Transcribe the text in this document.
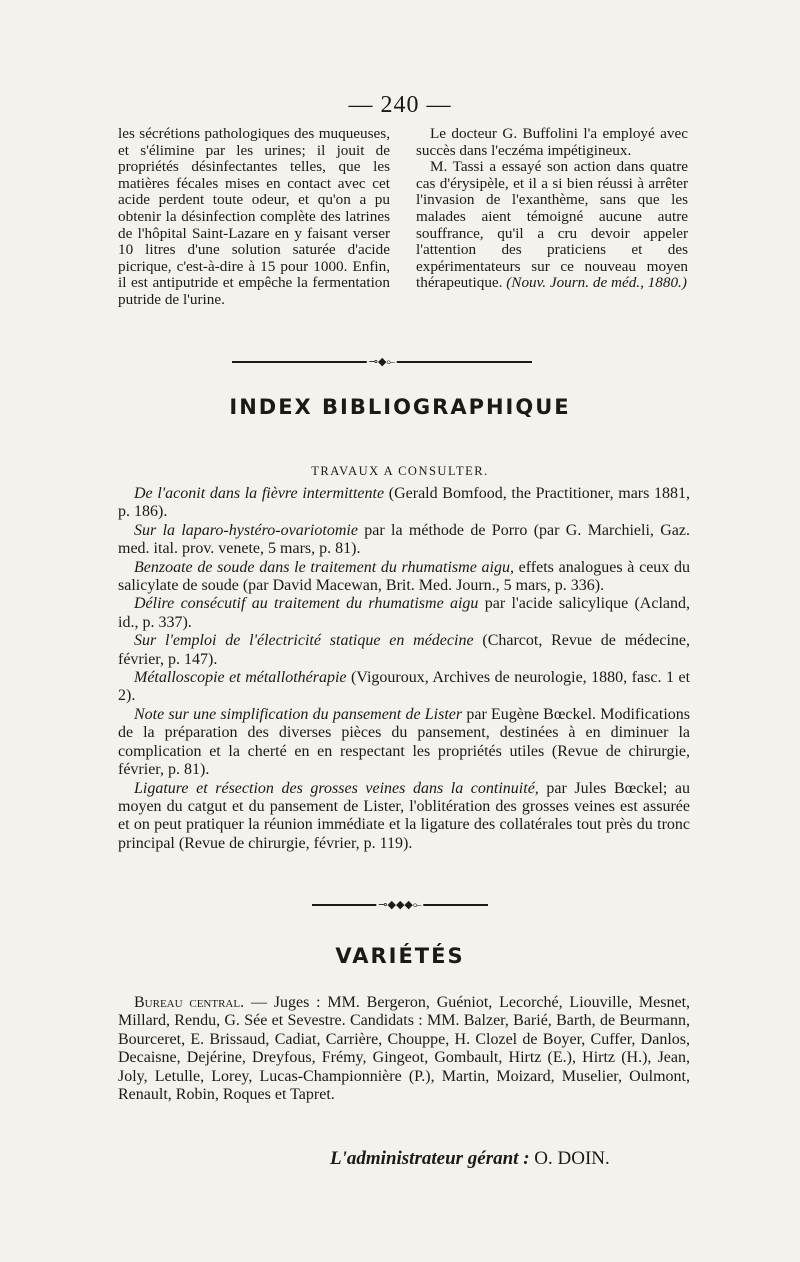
— 240 —

les sécrétions pathologiques des muqueuses, et s'élimine par les urines; il jouit de propriétés désinfectantes telles, que les matières fécales mises en contact avec cet acide perdent toute odeur, et qu'on a pu obtenir la désinfection complète des latrines de l'hôpital Saint-Lazare en y faisant verser 10 litres d'une solution saturée d'acide picrique, c'est-à-dire à 15 pour 1000. Enfin, il est antiputride et empêche la fermentation putride de l'urine.

Le docteur G. Buffolini l'a employé avec succès dans l'eczéma impétigineux.

M. Tassi a essayé son action dans quatre cas d'érysipèle, et il a si bien réussi à arrêter l'invasion de l'exanthème, sans que les malades aient témoigné aucune autre souffrance, qu'il a cru devoir appeler l'attention des praticiens et des expérimentateurs sur ce nouveau moyen thérapeutique. (Nouv. Journ. de méd., 1880.)

⊸◆⟜
INDEX BIBLIOGRAPHIQUE
TRAVAUX A CONSULTER.

De l'aconit dans la fièvre intermittente (Gerald Bomfood, the Practitioner, mars 1881, p. 186).

Sur la laparo-hystéro-ovariotomie par la méthode de Porro (par G. Marchieli, Gaz. med. ital. prov. venete, 5 mars, p. 81).

Benzoate de soude dans le traitement du rhumatisme aigu, effets analogues à ceux du salicylate de soude (par David Macewan, Brit. Med. Journ., 5 mars, p. 336).

Délire consécutif au traitement du rhumatisme aigu par l'acide salicylique (Acland, id., p. 337).

Sur l'emploi de l'électricité statique en médecine (Charcot, Revue de médecine, février, p. 147).

Métalloscopie et métallothérapie (Vigouroux, Archives de neurologie, 1880, fasc. 1 et 2).

Note sur une simplification du pansement de Lister par Eugène Bœckel. Modifications de la préparation des diverses pièces du pansement, destinées à en diminuer la complication et la cherté en en respectant les propriétés utiles (Revue de chirurgie, février, p. 81).

Ligature et résection des grosses veines dans la continuité, par Jules Bœckel; au moyen du catgut et du pansement de Lister, l'oblitération des grosses veines est assurée et on peut pratiquer la réunion immédiate et la ligature des collatérales tout près du tronc principal (Revue de chirurgie, février, p. 119).

⊸◆◆◆⟜
VARIÉTÉS

Bureau central. — Juges : MM. Bergeron, Guéniot, Lecorché, Liouville, Mesnet, Millard, Rendu, G. Sée et Sevestre. Candidats : MM. Balzer, Barié, Barth, de Beurmann, Bourceret, E. Brissaud, Cadiat, Carrière, Chouppe, H. Clozel de Boyer, Cuffer, Danlos, Decaisne, Dejérine, Dreyfous, Frémy, Gingeot, Gombault, Hirtz (E.), Hirtz (H.), Jean, Joly, Letulle, Lorey, Lucas-Championnière (P.), Martin, Moizard, Muselier, Oulmont, Renault, Robin, Roques et Tapret.

L'administrateur gérant : O. DOIN.
